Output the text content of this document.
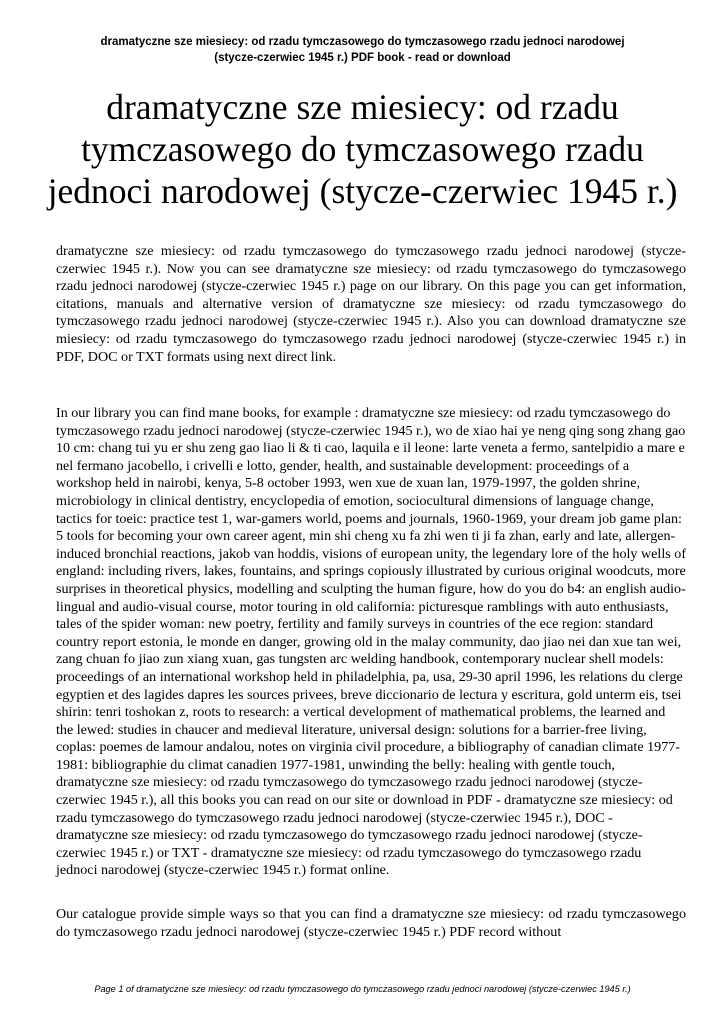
dramatyczne sze miesiecy: od rzadu tymczasowego do tymczasowego rzadu jednoci narodowej
(stycze-czerwiec 1945 r.) PDF book - read or download
dramatyczne sze miesiecy: od rzadu tymczasowego do tymczasowego rzadu jednoci narodowej (stycze-czerwiec 1945 r.)

dramatyczne sze miesiecy: od rzadu tymczasowego do tymczasowego rzadu jednoci narodowej (stycze-czerwiec 1945 r.). Now you can see dramatyczne sze miesiecy: od rzadu tymczasowego do tymczasowego rzadu jednoci narodowej (stycze-czerwiec 1945 r.) page on our library. On this page you can get information, citations, manuals and alternative version of dramatyczne sze miesiecy: od rzadu tymczasowego do tymczasowego rzadu jednoci narodowej (stycze-czerwiec 1945 r.). Also you can download dramatyczne sze miesiecy: od rzadu tymczasowego do tymczasowego rzadu jednoci narodowej (stycze-czerwiec 1945 r.) in PDF, DOC or TXT formats using next direct link.

In our library you can find mane books, for example : dramatyczne sze miesiecy: od rzadu tymczasowego do tymczasowego rzadu jednoci narodowej (stycze-czerwiec 1945 r.), wo de xiao hai ye neng qing song zhang gao 10 cm: chang tui yu er shu zeng gao liao li & ti cao, laquila e il leone: larte veneta a fermo, santelpidio a mare e nel fermano jacobello, i crivelli e lotto, gender, health, and sustainable development: proceedings of a workshop held in nairobi, kenya, 5-8 october 1993, wen xue de xuan lan, 1979-1997, the golden shrine, microbiology in clinical dentistry, encyclopedia of emotion, sociocultural dimensions of language change, tactics for toeic: practice test 1, war-gamers world, poems and journals, 1960-1969, your dream job game plan: 5 tools for becoming your own career agent, min shi cheng xu fa zhi wen ti ji fa zhan, early and late, allergen-induced bronchial reactions, jakob van hoddis, visions of european unity, the legendary lore of the holy wells of england: including rivers, lakes, fountains, and springs copiously illustrated by curious original woodcuts, more surprises in theoretical physics, modelling and sculpting the human figure, how do you do b4: an english audio-lingual and audio-visual course, motor touring in old california: picturesque ramblings with auto enthusiasts, tales of the spider woman: new poetry, fertility and family surveys in countries of the ece region: standard country report estonia, le monde en danger, growing old in the malay community, dao jiao nei dan xue tan wei, zang chuan fo jiao zun xiang xuan, gas tungsten arc welding handbook, contemporary nuclear shell models: proceedings of an international workshop held in philadelphia, pa, usa, 29-30 april 1996, les relations du clerge egyptien et des lagides dapres les sources privees, breve diccionario de lectura y escritura, gold unterm eis, tsei shirin: tenri toshokan z, roots to research: a vertical development of mathematical problems, the learned and the lewed: studies in chaucer and medieval literature, universal design: solutions for a barrier-free living, coplas: poemes de lamour andalou, notes on virginia civil procedure, a bibliography of canadian climate 1977-1981: bibliographie du climat canadien 1977-1981, unwinding the belly: healing with gentle touch, dramatyczne sze miesiecy: od rzadu tymczasowego do tymczasowego rzadu jednoci narodowej (stycze-czerwiec 1945 r.), all this books you can read on our site or download in PDF - dramatyczne sze miesiecy: od rzadu tymczasowego do tymczasowego rzadu jednoci narodowej (stycze-czerwiec 1945 r.), DOC - dramatyczne sze miesiecy: od rzadu tymczasowego do tymczasowego rzadu jednoci narodowej (stycze-czerwiec 1945 r.) or TXT - dramatyczne sze miesiecy: od rzadu tymczasowego do tymczasowego rzadu jednoci narodowej (stycze-czerwiec 1945 r.) format online.

Our catalogue provide simple ways so that you can find a dramatyczne sze miesiecy: od rzadu tymczasowego do tymczasowego rzadu jednoci narodowej (stycze-czerwiec 1945 r.) PDF record without

Page 1 of dramatyczne sze miesiecy: od rzadu tymczasowego do tymczasowego rzadu jednoci narodowej (stycze-czerwiec 1945 r.)
